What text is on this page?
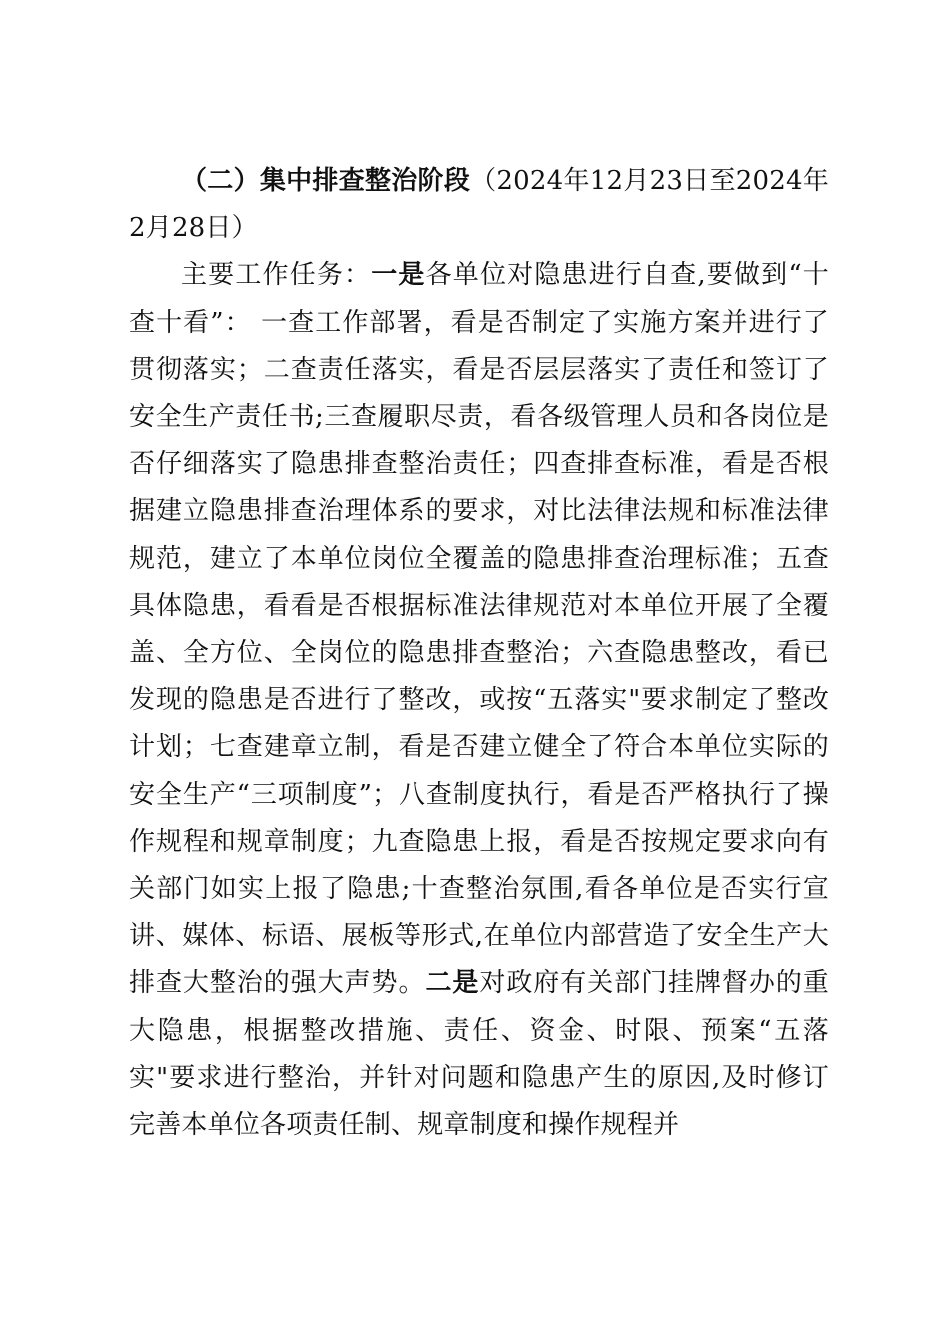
（二）集中排查整治阶段（2024年12月23日至2024年2月28日）

主要工作任务：一是各单位对隐患进行自查,要做到“十查十看”： 一查工作部署，看是否制定了实施方案并进行了贯彻落实；二查责任落实，看是否层层落实了责任和签订了安全生产责任书;三查履职尽责，看各级管理人员和各岗位是否仔细落实了隐患排查整治责任；四查排查标准，看是否根据建立隐患排查治理体系的要求，对比法律法规和标准法律规范，建立了本单位岗位全覆盖的隐患排查治理标准；五查具体隐患，看看是否根据标准法律规范对本单位开展了全覆盖、全方位、全岗位的隐患排查整治；六查隐患整改，看已发现的隐患是否进行了整改，或按“五落实"要求制定了整改计划；七查建章立制，看是否建立健全了符合本单位实际的安全生产“三项制度”；八查制度执行，看是否严格执行了操作规程和规章制度；九查隐患上报，看是否按规定要求向有关部门如实上报了隐患;十查整治氛围,看各单位是否实行宣讲、媒体、标语、展板等形式,在单位内部营造了安全生产大排查大整治的强大声势。二是对政府有关部门挂牌督办的重大隐患，根据整改措施、责任、资金、时限、预案“五落实"要求进行整治，并针对问题和隐患产生的原因,及时修订完善本单位各项责任制、规章制度和操作规程并
